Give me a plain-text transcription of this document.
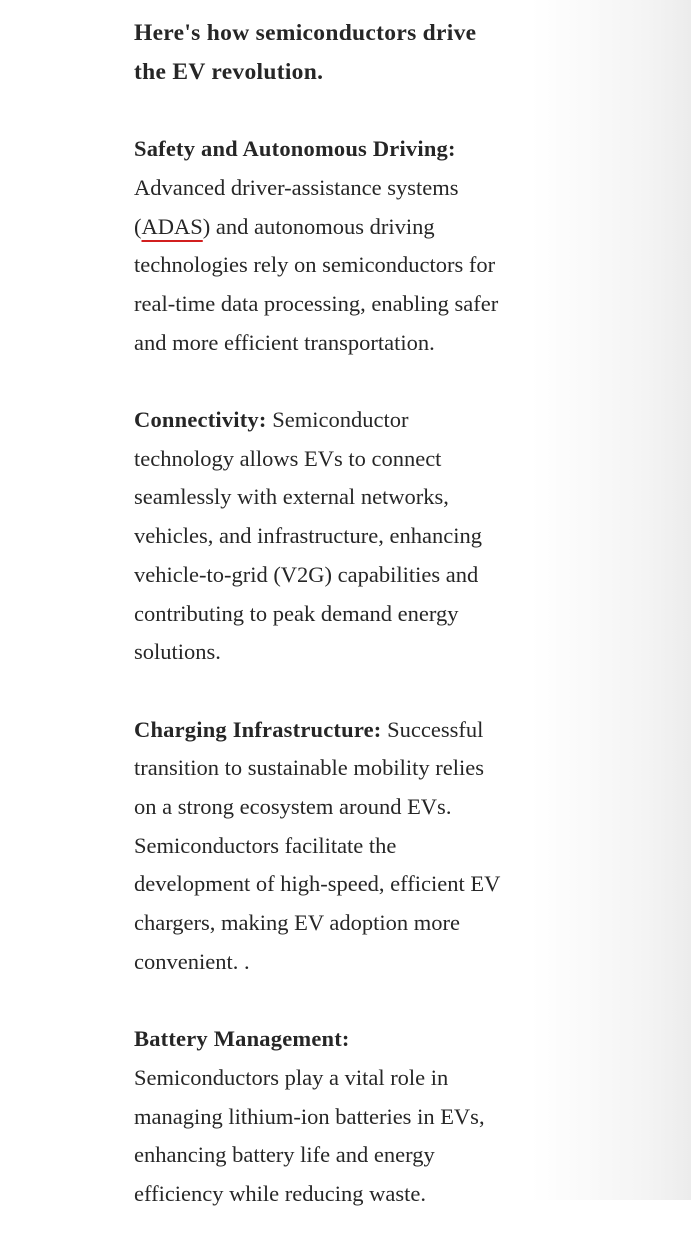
Here's how semiconductors drive
the EV revolution.

Safety and Autonomous Driving:
Advanced driver-assistance systems
(ADAS) and autonomous driving
technologies rely on semiconductors for
real-time data processing, enabling safer
and more efficient transportation.

Connectivity: Semiconductor
technology allows EVs to connect
seamlessly with external networks,
vehicles, and infrastructure, enhancing
vehicle-to-grid (V2G) capabilities and
contributing to peak demand energy
solutions.

Charging Infrastructure: Successful
transition to sustainable mobility relies
on a strong ecosystem around EVs.
Semiconductors facilitate the
development of high-speed, efficient EV
chargers, making EV adoption more
convenient. .

Battery Management:
Semiconductors play a vital role in
managing lithium-ion batteries in EVs,
enhancing battery life and energy
efficiency while reducing waste.
